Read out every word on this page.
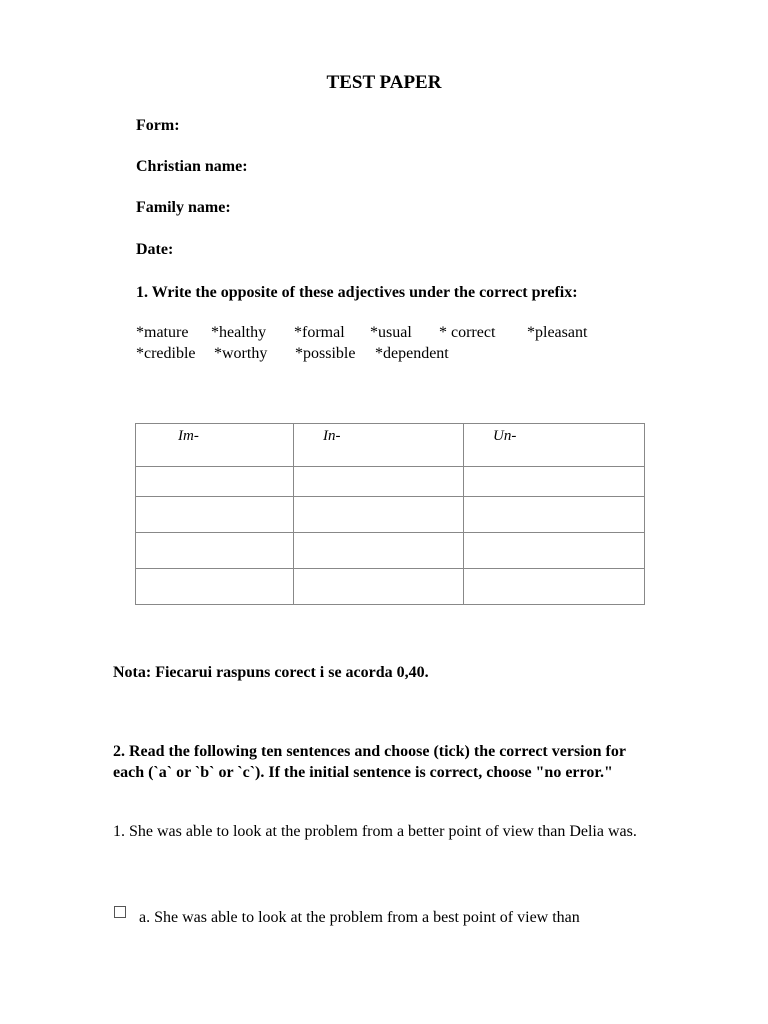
TEST PAPER
Form:
Christian name:
Family name:
Date:
1. Write the opposite of these adjectives under the correct prefix:
*mature *healthy *formal *usual * correct *pleasant
*credible *worthy *possible *dependent
Im-	In-	Un-

Nota: Fiecarui raspuns corect i se acorda 0,40.
2. Read the following ten sentences and choose (tick) the correct version for each (`a` or `b` or `c`). If the initial sentence is correct, choose "no error."
1. She was able to look at the problem from a better point of view than Delia was.
a. She was able to look at the problem from a best point of view than
